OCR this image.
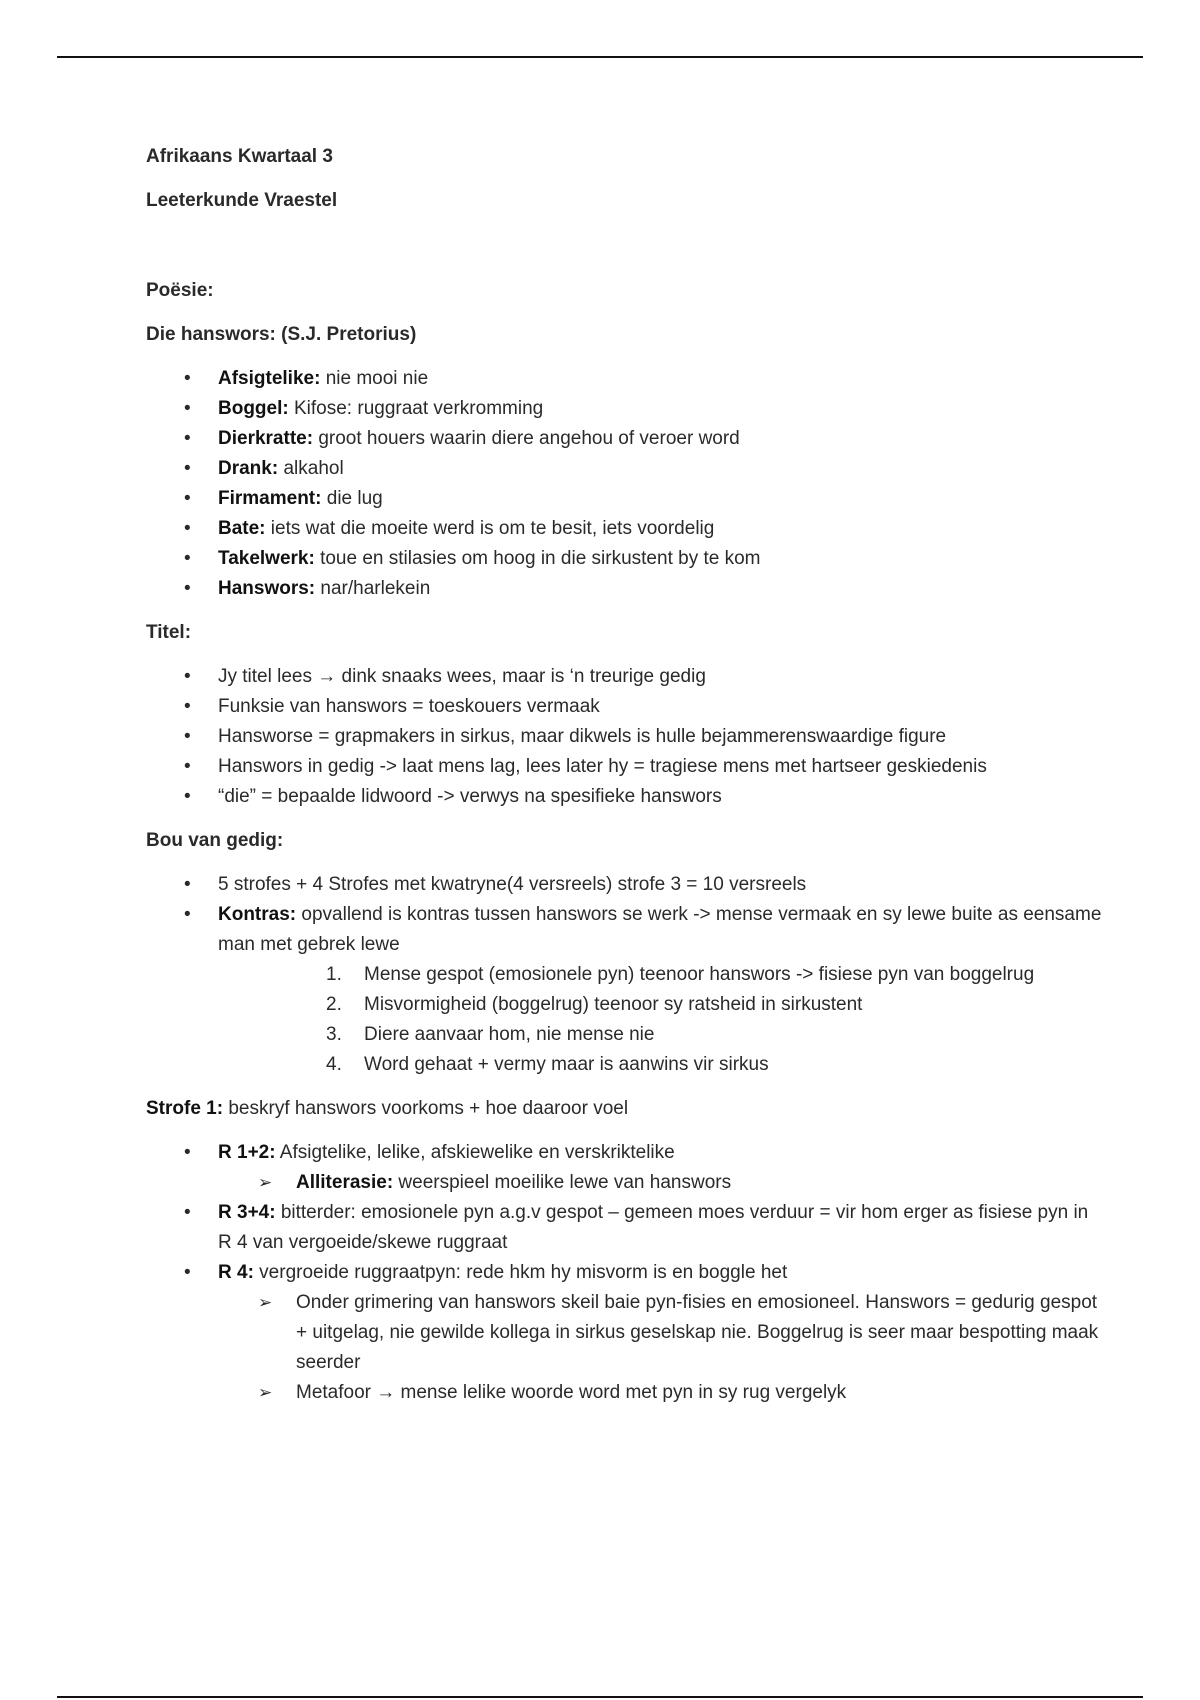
Afrikaans Kwartaal 3

Leeterkunde Vraestel

Poësie:

Die hanswors: (S.J. Pretorius)

• Afsigtelike: nie mooi nie
• Boggel: Kifose: ruggraat verkromming
• Dierkratte: groot houers waarin diere angehou of veroer word
• Drank: alkahol
• Firmament: die lug
• Bate: iets wat die moeite werd is om te besit, iets voordelig
• Takelwerk: toue en stilasies om hoog in die sirkustent by te kom
• Hanswors: nar/harlekein

Titel:

• Jy titel lees → dink snaaks wees, maar is ‘n treurige gedig
• Funksie van hanswors = toeskouers vermaak
• Hansworse = grapmakers in sirkus, maar dikwels is hulle bejammerenswaardige figure
• Hanswors in gedig -> laat mens lag, lees later hy = tragiese mens met hartseer geskiedenis
• “die” = bepaalde lidwoord -> verwys na spesifieke hanswors

Bou van gedig:

• 5 strofes + 4 Strofes met kwatryne(4 versreels) strofe 3 = 10 versreels
• Kontras: opvallend is kontras tussen hanswors se werk -> mense vermaak en sy lewe buite as eensame man met gebrek lewe
1. Mense gespot (emosionele pyn) teenoor hanswors -> fisiese pyn van boggelrug
2. Misvormigheid (boggelrug) teenoor sy ratsheid in sirkustent
3. Diere aanvaar hom, nie mense nie
4. Word gehaat + vermy maar is aanwins vir sirkus

Strofe 1: beskryf hanswors voorkoms + hoe daaroor voel

• R 1+2: Afsigtelike, lelike, afskiewelike en verskriktelike
➢ Alliterasie: weerspieel moeilike lewe van hanswors
• R 3+4: bitterder: emosionele pyn a.g.v gespot – gemeen moes verduur = vir hom erger as fisiese pyn in R 4 van vergoeide/skewe ruggraat
• R 4: vergroeide ruggraatpyn: rede hkm hy misvorm is en boggle het
➢ Onder grimering van hanswors skeil baie pyn-fisies en emosioneel. Hanswors = gedurig gespot + uitgelag, nie gewilde kollega in sirkus geselskap nie. Boggelrug is seer maar bespotting maak seerder
➢ Metafoor → mense lelike woorde word met pyn in sy rug vergelyk
